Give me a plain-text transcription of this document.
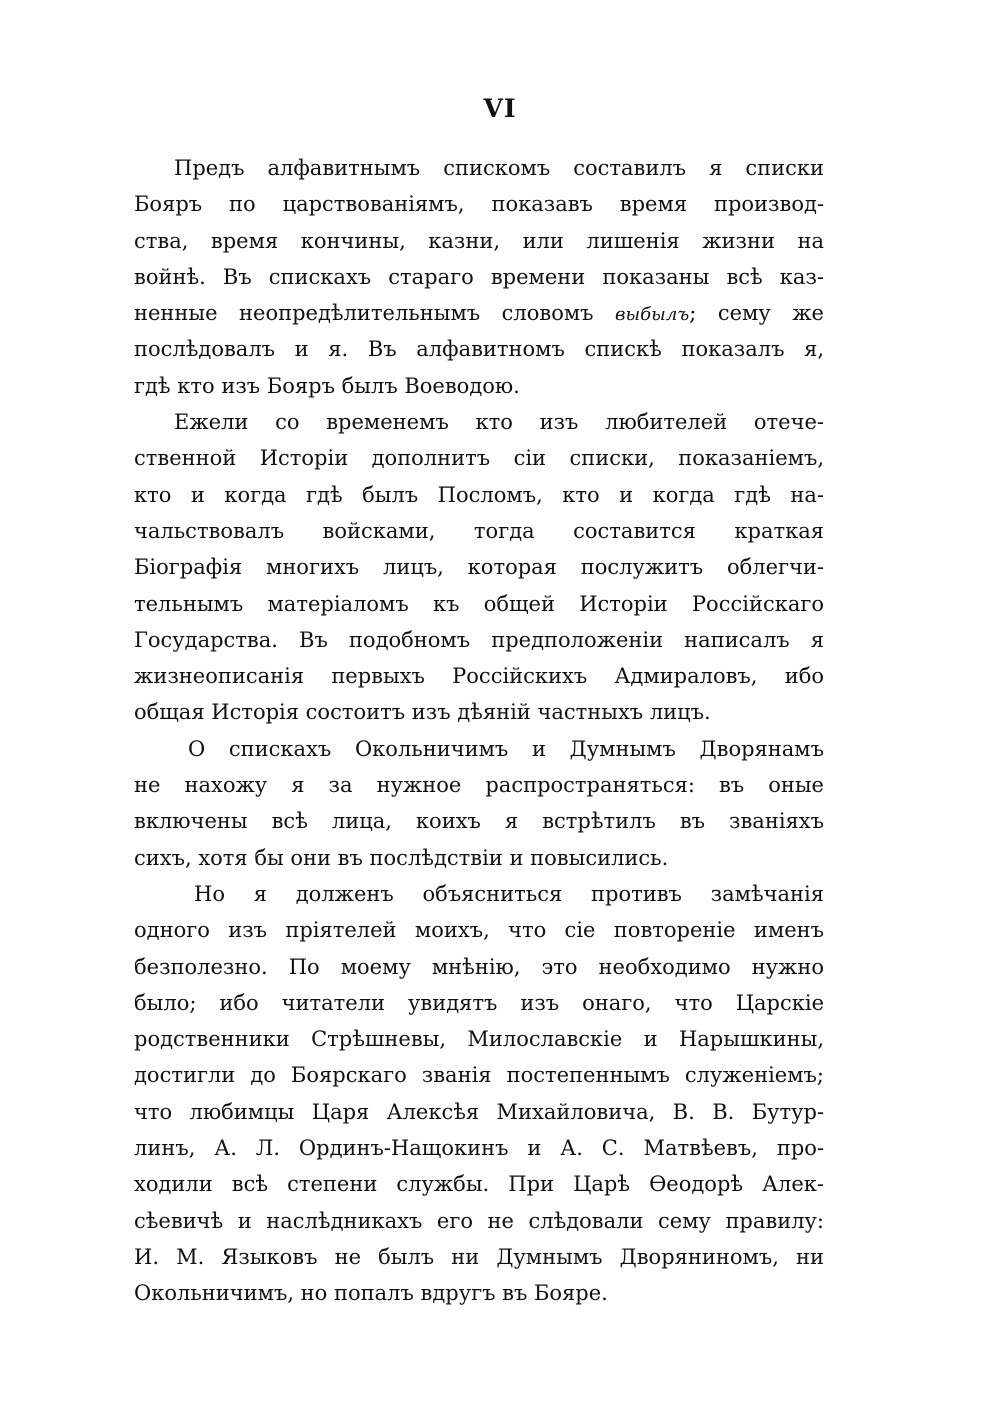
VI
Предъ алфавитнымъ спискомъ составилъ я списки
Бояръ по царствованіямъ, показавъ время производ-
ства, время кончины, казни, или лишенія жизни на
войнѣ. Въ спискахъ стараго времени показаны всѣ каз-
ненные неопредѣлительнымъ словомъ выбылъ; сему же
послѣдовалъ и я. Въ алфавитномъ спискѣ показалъ я,
гдѣ кто изъ Бояръ былъ Воеводою.
Ежели со временемъ кто изъ любителей отече-
ственной Исторіи дополнитъ сіи списки, показаніемъ,
кто и когда гдѣ былъ Посломъ, кто и когда гдѣ на-
чальствовалъ войсками, тогда составится краткая
Біографія многихъ лицъ, которая послужитъ облегчи-
тельнымъ матеріаломъ къ общей Исторіи Россійскаго
Государства. Въ подобномъ предположеніи написалъ я
жизнеописанія первыхъ Россійскихъ Адмираловъ, ибо
общая Исторія состоитъ изъ дѣяній частныхъ лицъ.
О спискахъ Окольничимъ и Думнымъ Дворянамъ
не нахожу я за нужное распространяться: въ оные
включены всѣ лица, коихъ я встрѣтилъ въ званіяхъ
сихъ, хотя бы они въ послѣдствіи и повысились.
Но я долженъ объясниться противъ замѣчанія
одного изъ пріятелей моихъ, что сіе повтореніе именъ
безполезно. По моему мнѣнію, это необходимо нужно
было; ибо читатели увидятъ изъ онаго, что Царскіе
родственники Стрѣшневы, Милославскіе и Нарышкины,
достигли до Боярскаго званія постепеннымъ служеніемъ;
что любимцы Царя Алексѣя Михайловича, В. В. Бутур-
линъ, А. Л. Ординъ-Нащокинъ и А. С. Матвѣевъ, про-
ходили всѣ степени службы. При Царѣ Ѳеодорѣ Алек-
сѣевичѣ и наслѣдникахъ его не слѣдовали сему правилу:
И. М. Языковъ не былъ ни Думнымъ Дворяниномъ, ни
Окольничимъ, но попалъ вдругъ въ Бояре.
